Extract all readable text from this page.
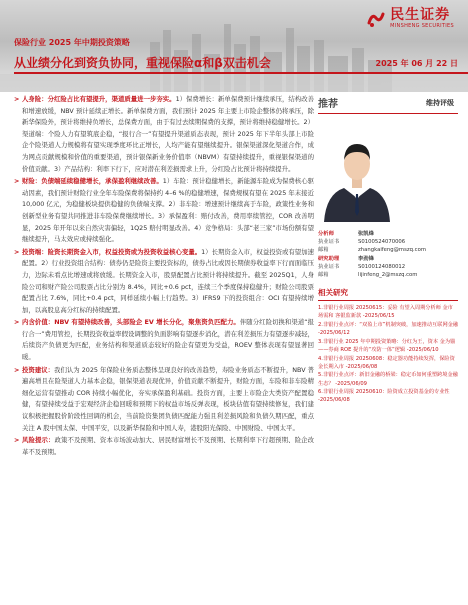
民生证券
MINSHENG SECURITIES
保险行业 2025 年中期投资策略
从业绩分化到资负协同，重视保险α和β双击机会	2025 年 06 月 22 日
> 人身险：分红险占比有望提升，渠道质量进一步夯实。1）保费增长：新单保费预计继续承压，结构改善和增速放缓，NBV 预计延续正增长。新单保费方面，我们预计 2025 年主要上市险企整体仍将承压，除新华保险外，预计将维持负增长，总保费方面，由于有过去续期保费的支撑，预计将维持稳健增长。2）渠道端：个险人力有望筑底企稳，“报行合一”有望提升渠道质态表现，预计 2025 年下半年头部上市险企个险渠道人力规模将有望实现季度环比正增长，人均产能有望继续提升。银保渠道深化渠道合作，成为网点贡献规模和价值的重要渠道，预计银保新业务价值率（NBVM）有望持续提升，重视银保渠道的价值贡献。3）产品结构：利率下行下，应对潜在利差损需求上升，分红险占比预计将持续提升。
> 财险：负债端延续稳健增长，承保盈利继续改善。1）车险：预计稳健增长，新能源车险成为保费核心驱动因素，我们预计财险行业全年车险保费将保持约 4–6 %的稳健增速，保费规模有望在 2025 年末接近 10,000 亿元，为稳健板块提供稳健的负债端支撑。2）非车险：增速预计继续高于车险，政策性业务和创新型业务有望共同推进非车险保费继续增长。3）承保盈利：赔付改善，费用率续管控，COR 改善明显，2025 年开年以来自然灾害偏轻，1Q25 赔付明显改善。4）竞争格局：头部“老三家”市场份额有望继续提升，马太效应或持续强化。
> 投资端：险资长期资金入市，权益投资或为投资收益核心变量。1）长期资金入市，权益投资或有望加速配置。2）行业投资组合结构：债券仍是险资主要投资标的，债券占比或因长期债券收益率下行而面临压力，边际未看点比增速或将放缓。长期资金入市，股票配置占比预计将持续提升。截至 2025Q1，人身险公司和财产险公司股票占比分别为 8.4%，同比+0.6 pct，连续三个季度保持稳健升；财险公司股票配置占比 7.6%，同比+0.4 pct，同样延续小幅上行趋势。3）IFRS9 下的投资组合：OCI 有望持续增加，以高股息高分红标的持续配置。
> 内含价值：NBV 有望持续改善，头部险企 EV 增长分化，聚焦资负匹配力。伴随分红险切换和渠道“报行合一”费用管控，长期投资收益率假设调整的负面影响有望逐步消化，潜在利差损压力有望逐步减轻，后续资产负债更为匹配，业务结构和渠道质态较好的险企有望更为受益，ROEV 整体表现有望显著回暖。
> 投资建议：我们认为 2025 年保险业务质态整体呈现良好的改善趋势，寿险业务质态不断提升，NBV 普遍高增且在险渠道人力基本企稳，银保渠道表现优异，价值贡献不断提升，财险方面，车险和非车险精细化运营有望推动 COR 持续小幅优化，夯实承保盈利基础。投资方面，主要上市险企大类资产配置稳健，有望持续受益于宏观经济企稳回暖和预期下的权益市场反弹表现，板块估值有望持续修复，我们建议积极把握股价阶段性回调的机会，当前险资集团负债匹配能力强且利差损风险和负债久期匹配，重点关注 A 股中国太保、中国平安，以及新华保险和中国人寿，港股阳光保险、中国财险、中国太平。
> 风险提示：政策不及预期、资本市场波动加大、居民财富增长不及预期、长期利率下行超预期、险企改革不及预期。
推荐	维持评级
分析师	张凯烽
执业证书	S0100524070006
邮箱	zhangkaifeng@mszq.com
研究助理	李劲锋
执业证书	S0100124080012
邮箱	lijinfeng_2@mszq.com
相关研究
1.非银行业周报 20250615：妥险 有望入周期分析师 金市场需和 客银监新款 -2025/06/15
2.非银行业点评：“双盈上市”机制突破，加速推动互联网金融 -2025/06/12
3.非银行业 2025 年中期投资策略：分红为王，资本 金为锚——券商 ROE 提升的“攻防一体”逻辑 -2025/06/10
4.非银行业周报 20250608：稳定器功能持续发挥，保险资金长期入市 -2025/06/08
5.非银行业点评：新旧金融的桥梁：稳定币如何重塑跨境金融生态？ -2025/06/09
6.非银行业周报 20250610：险资成立投资基金的专业性 -2025/06/08
